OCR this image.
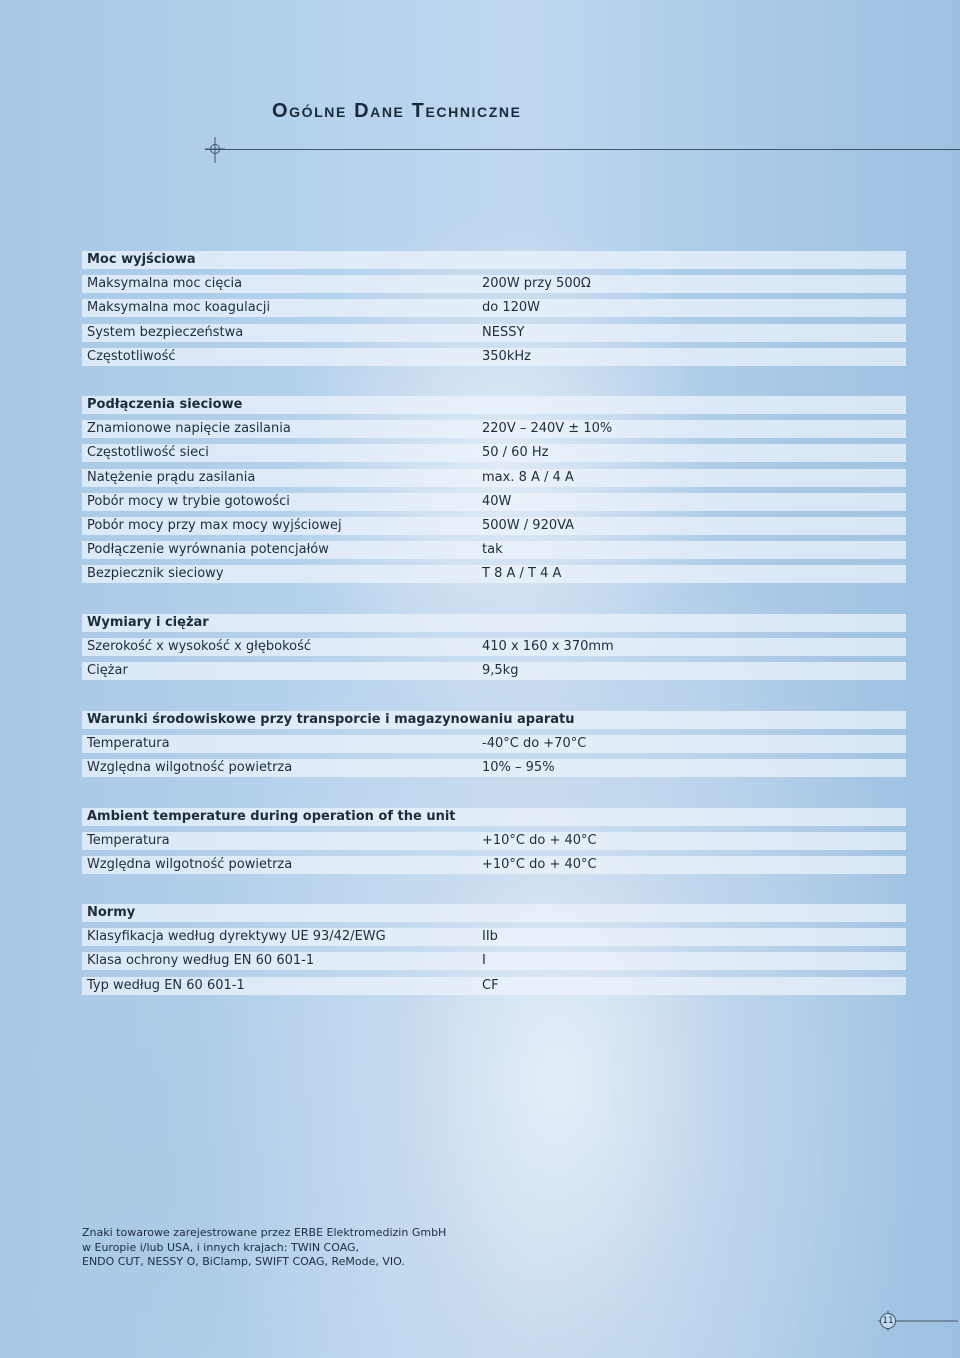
Ogólne Dane Techniczne
Moc wyjściowa
Maksymalna moc cięcia	200W przy 500Ω
Maksymalna moc koagulacji	do 120W
System bezpieczeństwa	NESSY
Częstotliwość	350kHz
Podłączenia sieciowe
Znamionowe napięcie zasilania	220V – 240V ± 10%
Częstotliwość sieci	50 / 60 Hz
Natężenie prądu zasilania	max. 8 A / 4 A
Pobór mocy w trybie gotowości	40W
Pobór mocy przy max mocy wyjściowej	500W / 920VA
Podłączenie wyrównania potencjałów	tak
Bezpiecznik sieciowy	T 8 A / T 4 A
Wymiary i ciężar
Szerokość x wysokość x głębokość	410 x 160 x 370mm
Ciężar	9,5kg
Warunki środowiskowe przy transporcie i magazynowaniu aparatu
Temperatura	-40°C do +70°C
Względna wilgotność powietrza	10% – 95%
Ambient temperature during operation of the unit
Temperatura	+10°C do + 40°C
Względna wilgotność powietrza	+10°C do + 40°C
Normy
Klasyfikacja według dyrektywy UE 93/42/EWG	IIb
Klasa ochrony według EN 60 601-1	I
Typ według EN 60 601-1	CF
Znaki towarowe zarejestrowane przez ERBE Elektromedizin GmbH
w Europie i/lub USA, i innych krajach: TWIN COAG,
ENDO CUT, NESSY O, BiClamp, SWIFT COAG, ReMode, VIO.
11
